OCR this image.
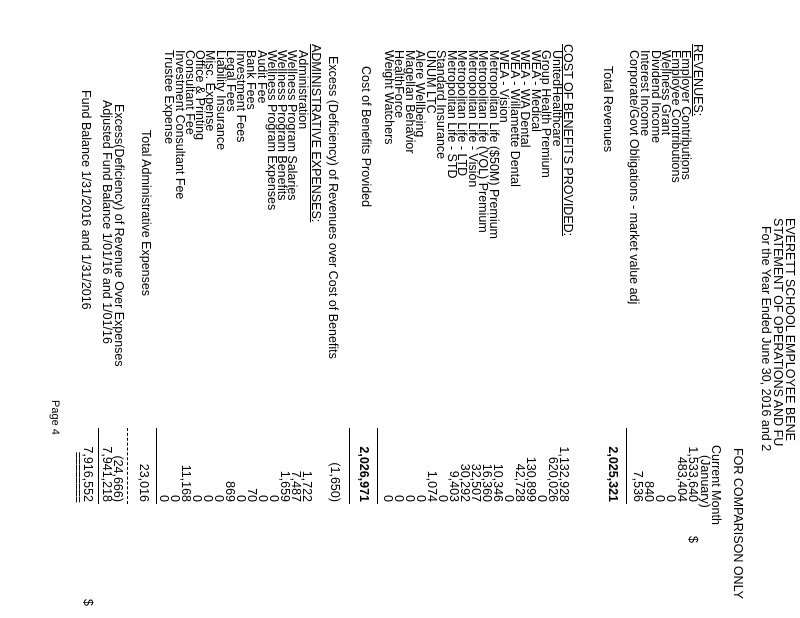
EVERETT SCHOOL EMPLOYEE BENE
STATEMENT OF OPERATIONS AND FU
For the Year Ended June 30, 2016 and 2
FOR COMPARISON ONLY
Current Month
(January)
REVENUES:
Employer Contributions
1,533,640
$
Employee Contributions
483,404
Wellness Grant
0
Dividend Income
0
Interest Income
840
Corporate/Govt Obligations - market value adj
7,536
Total Revenues
2,025,321
COST OF BENEFITS PROVIDED:
UnitedHealthcare
1,132,928
Group Health Premium
620,026
WEA - Medical
0
WEA - WA Dental
130,899
WEA - Willamette Dental
42,728
WEA - Vision
0
Metropolitan Life ($50M) Premium
10,346
Metropolitan Life (VOL) Premium
16,360
Metropolitan Life - Vision
32,507
Metropolitan Life - LTD
30,292
Metropolitan Life - STD
9,403
Standard Insurance
0
UNUM LTC
1,074
Alere Wellbeing
0
Magellan Behavior
0
HealthForce
0
Weight Watchers
0
Cost of Benefits Provided
2,026,971
Excess (Deficiency) of Revenues over Cost of Benefits
(1,650)
ADMINISTRATIVE EXPENSES:
Administration
1,722
Wellness Program Salaries
7,487
Wellness Program Benefits
1,659
Wellness Program Expenses
0
Audit Fee
0
Bank Fees
70
Investment Fees
0
Legal Fees
869
Liability Insurance
0
Misc. Expense
0
Office & Printing
0
Consultant Fee
11,168
Investment Consultant Fee
0
Trustee Expense
0
Total Administrative Expenses
23,016
Excess(Deficiency) of Revenue Over Expenses
(24,666)
Adjusted Fund Balance 1/01/16 and 1/01/16
7,941,218
Fund Balance 1/31/2016 and 1/31/2016
7,916,552
========
$
Page 4
